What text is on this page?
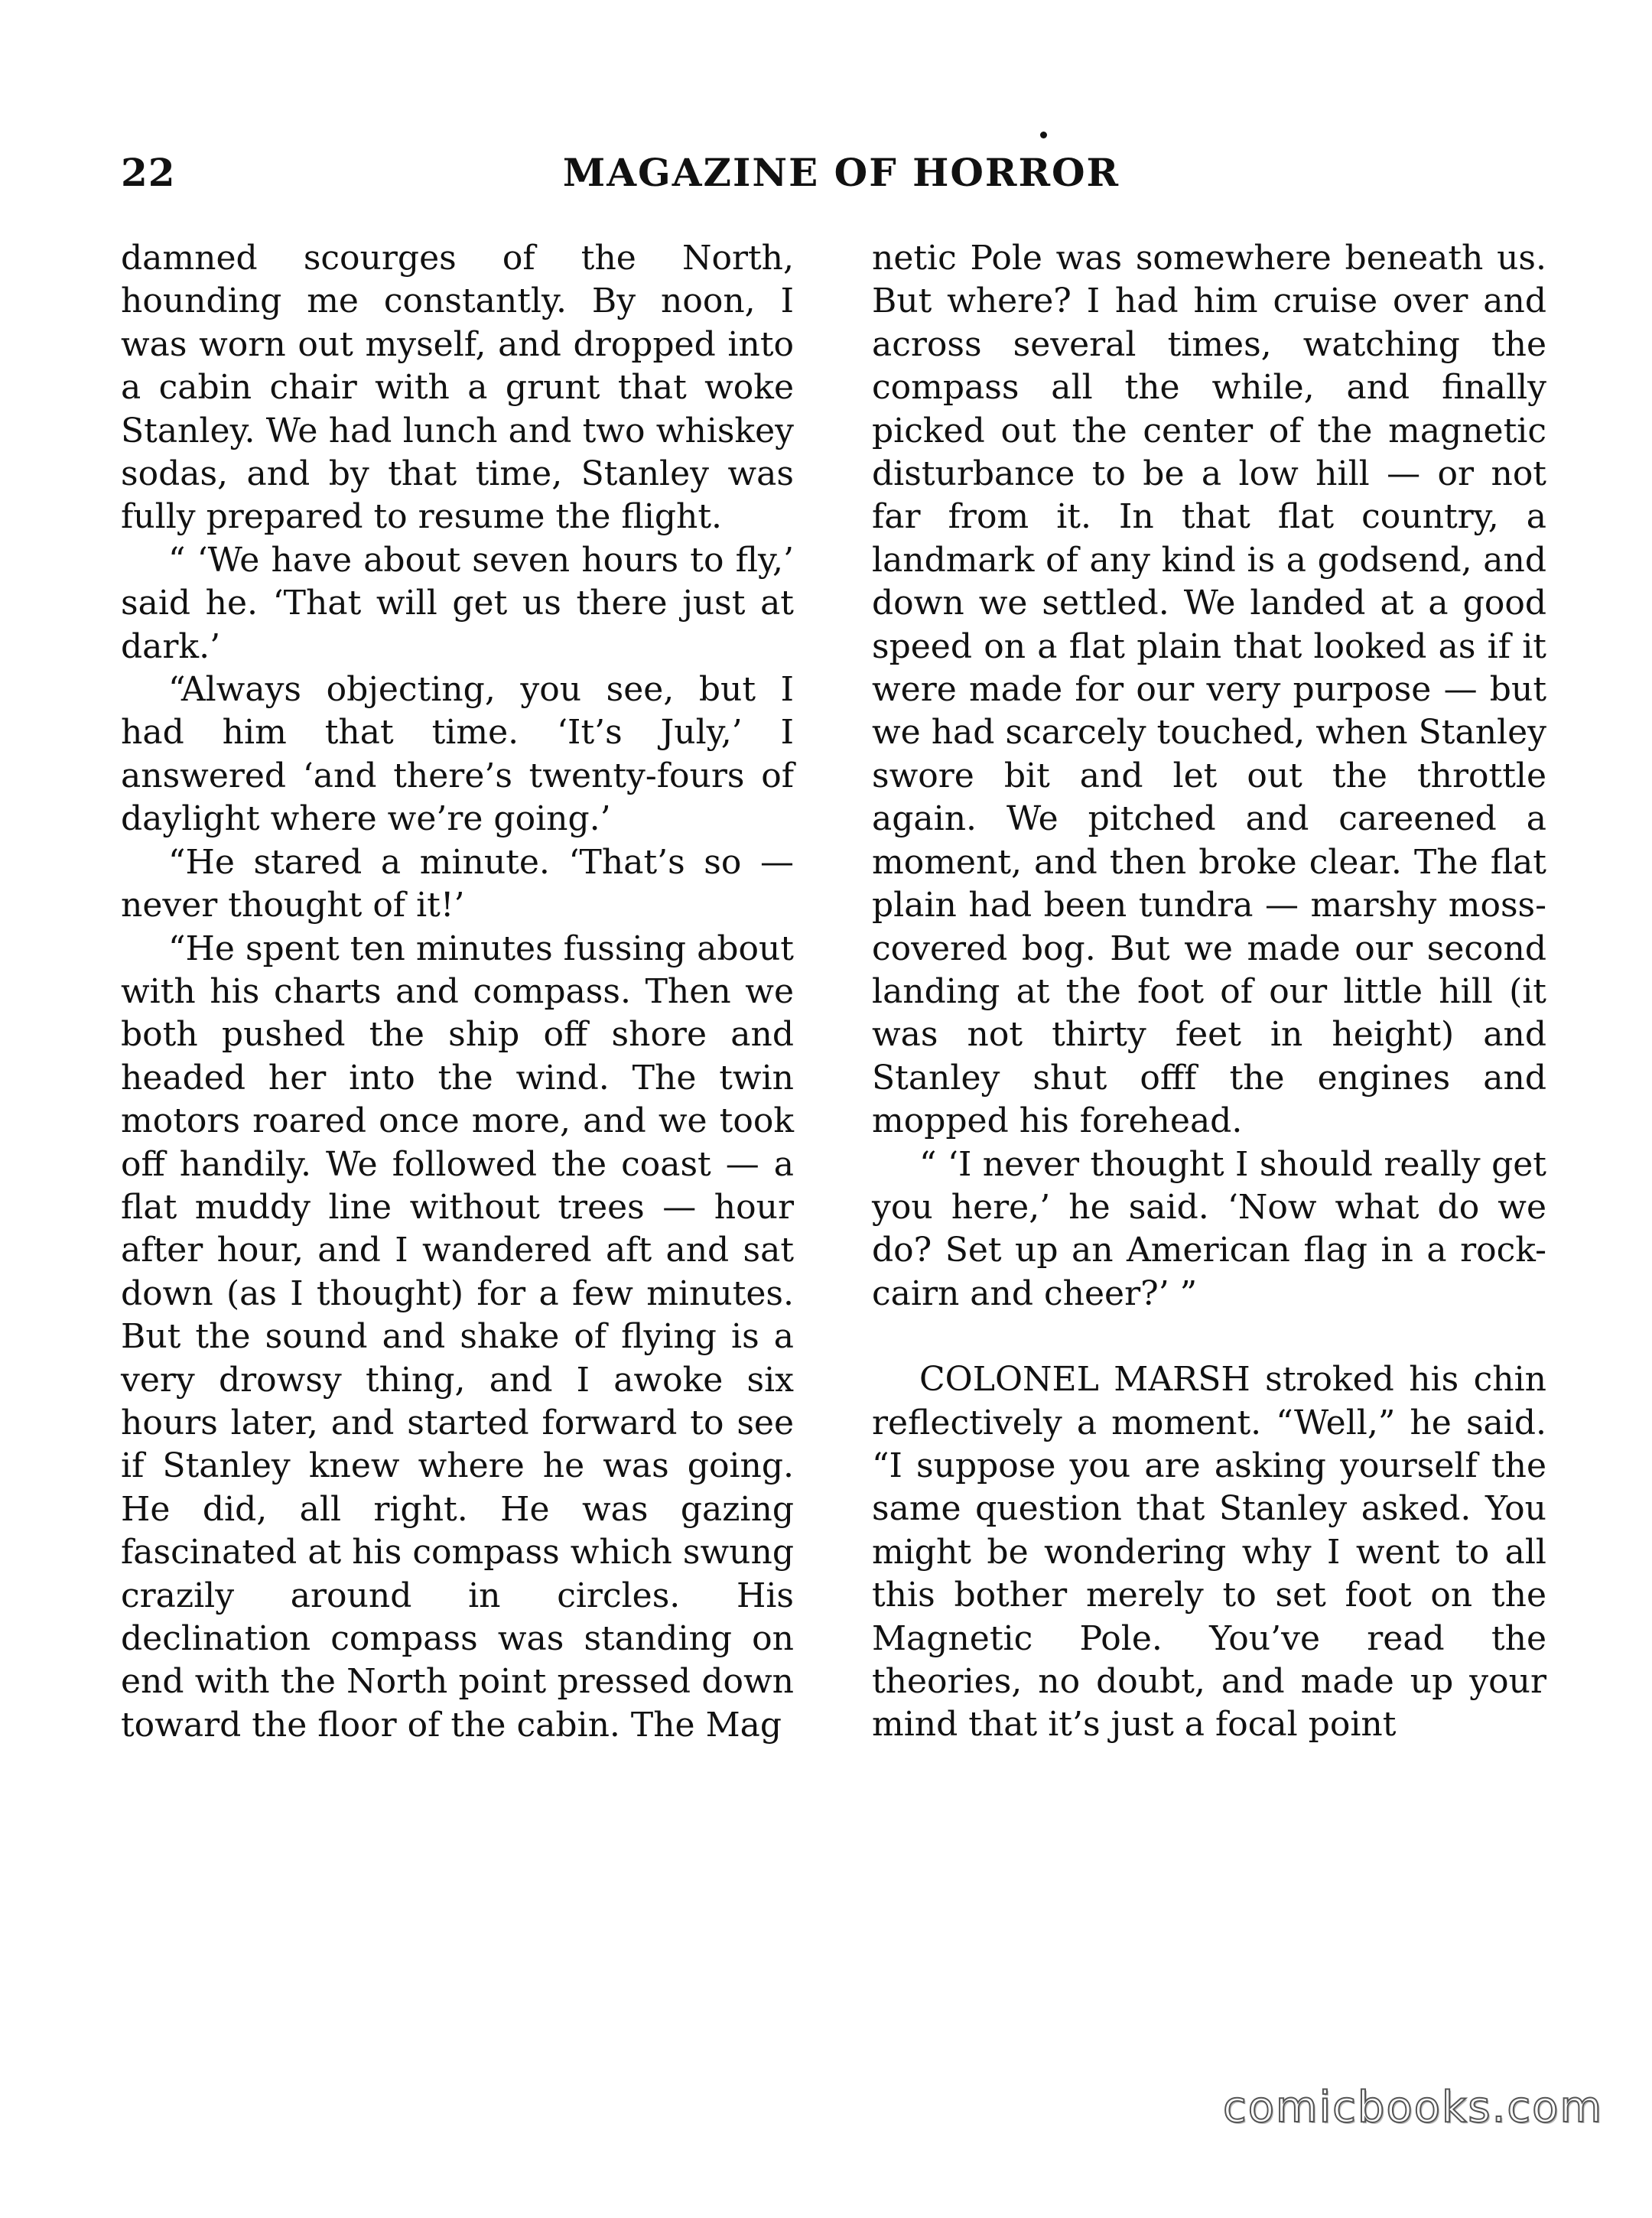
22	MAGAZINE OF HORROR

damned scourges of the North, hounding me constantly. By noon, I was worn out myself, and dropped into a cabin chair with a grunt that woke Stanley. We had lunch and two whiskey sodas, and by that time, Stanley was fully prepared to resume the flight.

“ ‘We have about seven hours to fly,’ said he. ‘That will get us there just at dark.’

“Always objecting, you see, but I had him that time. ‘It’s July,’ I answered ‘and there’s twenty-fours of daylight where we’re going.’

“He stared a minute. ‘That’s so — never thought of it!’

“He spent ten minutes fussing about with his charts and compass. Then we both pushed the ship off shore and headed her into the wind. The twin motors roared once more, and we took off handily. We followed the coast — a flat muddy line without trees — hour after hour, and I wandered aft and sat down (as I thought) for a few minutes. But the sound and shake of flying is a very drowsy thing, and I awoke six hours later, and started forward to see if Stanley knew where he was going. He did, all right. He was gazing fascinated at his compass which swung crazily around in circles. His declination compass was standing on end with the North point pressed down toward the floor of the cabin. The Mag

netic Pole was somewhere beneath us. But where? I had him cruise over and across several times, watching the compass all the while, and finally picked out the center of the magnetic disturbance to be a low hill — or not far from it. In that flat country, a landmark of any kind is a godsend, and down we settled. We landed at a good speed on a flat plain that looked as if it were made for our very purpose — but we had scarcely touched, when Stanley swore bit and let out the throttle again. We pitched and careened a moment, and then broke clear. The flat plain had been tundra — marshy moss-covered bog. But we made our second landing at the foot of our little hill (it was not thirty feet in height) and Stanley shut offf the engines and mopped his forehead.

“ ‘I never thought I should really get you here,’ he said. ‘Now what do we do? Set up an American flag in a rock-cairn and cheer?’ ”

COLONEL MARSH stroked his chin reflectively a moment. “Well,” he said. “I suppose you are asking yourself the same question that Stanley asked. You might be wondering why I went to all this bother merely to set foot on the Magnetic Pole. You’ve read the theories, no doubt, and made up your mind that it’s just a focal point

comicbooks.com
